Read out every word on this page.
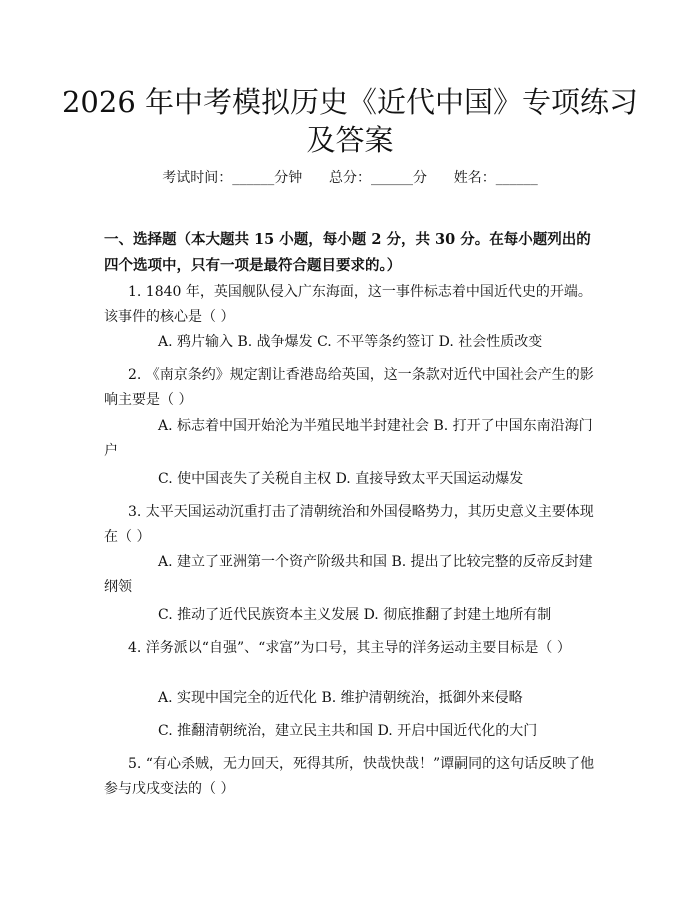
2026 年中考模拟历史《近代中国》专项练习
及答案
考试时间：______分钟      总分：______分      姓名：______
一、选择题（本大题共 15 小题，每小题 2 分，共 30 分。在每小题列出的四个选项中，只有一项是最符合题目要求的。）
1. 1840 年，英国舰队侵入广东海面，这一事件标志着中国近代史的开端。该事件的核心是（ ）
A. 鸦片输入 B. 战争爆发 C. 不平等条约签订 D. 社会性质改变
2. 《南京条约》规定割让香港岛给英国，这一条款对近代中国社会产生的影响主要是（ ）
A. 标志着中国开始沦为半殖民地半封建社会 B. 打开了中国东南沿海门户
C. 使中国丧失了关税自主权 D. 直接导致太平天国运动爆发
3. 太平天国运动沉重打击了清朝统治和外国侵略势力，其历史意义主要体现在（ ）
A. 建立了亚洲第一个资产阶级共和国 B. 提出了比较完整的反帝反封建纲领
C. 推动了近代民族资本主义发展 D. 彻底推翻了封建土地所有制
4. 洋务派以“自强”、“求富”为口号，其主导的洋务运动主要目标是（ ）
A. 实现中国完全的近代化 B. 维护清朝统治，抵御外来侵略
C. 推翻清朝统治，建立民主共和国 D. 开启中国近代化的大门
5. “有心杀贼，无力回天，死得其所，快哉快哉！”谭嗣同的这句话反映了他参与戊戌变法的（ ）
